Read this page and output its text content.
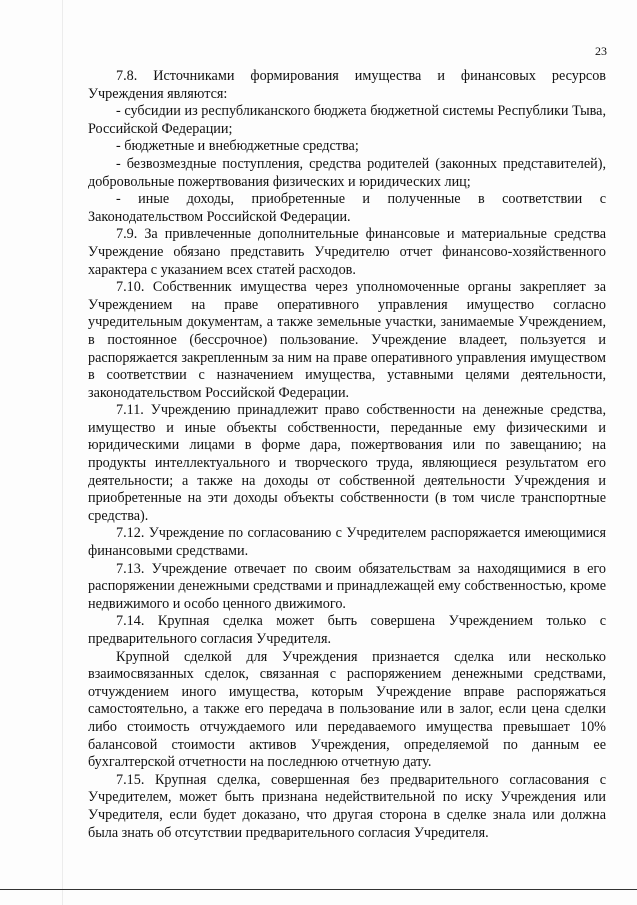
23

7.8. Источниками формирования имущества и финансовых ресурсов Учреждения являются:

- субсидии из республиканского бюджета бюджетной системы Республики Тыва, Российской Федерации;

- бюджетные и внебюджетные средства;

- безвозмездные поступления, средства родителей (законных представителей), добровольные пожертвования физических и юридических лиц;

- иные доходы, приобретенные и полученные в соответствии с Законодательством Российской Федерации.

7.9. За привлеченные дополнительные финансовые и материальные средства Учреждение обязано представить Учредителю отчет финансово-хозяйственного характера с указанием всех статей расходов.

7.10. Собственник имущества через уполномоченные органы закрепляет за Учреждением на праве оперативного управления имущество согласно учредительным документам, а также земельные участки, занимаемые Учреждением, в постоянное (бессрочное) пользование. Учреждение владеет, пользуется и распоряжается закрепленным за ним на праве оперативного управления имуществом в соответствии с назначением имущества, уставными целями деятельности, законодательством Российской Федерации.

7.11. Учреждению принадлежит право собственности на денежные средства, имущество и иные объекты собственности, переданные ему физическими и юридическими лицами в форме дара, пожертвования или по завещанию; на продукты интеллектуального и творческого труда, являющиеся результатом его деятельности; а также на доходы от собственной деятельности Учреждения и приобретенные на эти доходы объекты собственности (в том числе транспортные средства).

7.12. Учреждение по согласованию с Учредителем распоряжается имеющимися финансовыми средствами.

7.13. Учреждение отвечает по своим обязательствам за находящимися в его распоряжении денежными средствами и принадлежащей ему собственностью, кроме недвижимого и особо ценного движимого.

7.14. Крупная сделка может быть совершена Учреждением только с предварительного согласия Учредителя.

Крупной сделкой для Учреждения признается сделка или несколько взаимосвязанных сделок, связанная с распоряжением денежными средствами, отчуждением иного имущества, которым Учреждение вправе распоряжаться самостоятельно, а также его передача в пользование или в залог, если цена сделки либо стоимость отчуждаемого или передаваемого имущества превышает 10% балансовой стоимости активов Учреждения, определяемой по данным ее бухгалтерской отчетности на последнюю отчетную дату.

7.15. Крупная сделка, совершенная без предварительного согласования с Учредителем, может быть признана недействительной по иску Учреждения или Учредителя, если будет доказано, что другая сторона в сделке знала или должна была знать об отсутствии предварительного согласия Учредителя.
